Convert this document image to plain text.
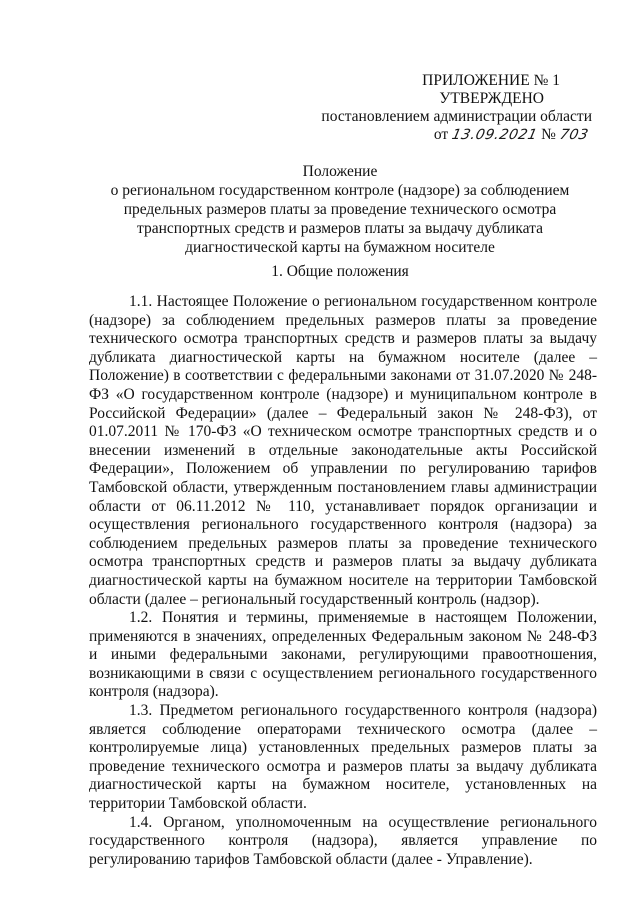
ПРИЛОЖЕНИЕ № 1
УТВЕРЖДЕНО
постановлением администрации области
от 13.09.2021 № 703
Положение
о региональном государственном контроле (надзоре) за соблюдением
предельных размеров платы за проведение технического осмотра
транспортных средств и размеров платы за выдачу дубликата
диагностической карты на бумажном носителе
1. Общие положения

1.1. Настоящее Положение о региональном государственном контроле (надзоре) за соблюдением предельных размеров платы за проведение технического осмотра транспортных средств и размеров платы за выдачу дубликата диагностической карты на бумажном носителе (далее – Положение) в соответствии с федеральными законами от 31.07.2020 № 248-ФЗ «О государственном контроле (надзоре) и муниципальном контроле в Российской Федерации» (далее – Федеральный закон № 248-ФЗ), от 01.07.2011 № 170-ФЗ «О техническом осмотре транспортных средств и о внесении изменений в отдельные законодательные акты Российской Федерации», Положением об управлении по регулированию тарифов Тамбовской области, утвержденным постановлением главы администрации области от 06.11.2012 № 110, устанавливает порядок организации и осуществления регионального государственного контроля (надзора) за соблюдением предельных размеров платы за проведение технического осмотра транспортных средств и размеров платы за выдачу дубликата диагностической карты на бумажном носителе на территории Тамбовской области (далее – региональный государственный контроль (надзор).

1.2. Понятия и термины, применяемые в настоящем Положении, применяются в значениях, определенных Федеральным законом № 248-ФЗ и иными федеральными законами, регулирующими правоотношения, возникающими в связи с осуществлением регионального государственного контроля (надзора).

1.3. Предметом регионального государственного контроля (надзора) является соблюдение операторами технического осмотра (далее – контролируемые лица) установленных предельных размеров платы за проведение технического осмотра и размеров платы за выдачу дубликата диагностической карты на бумажном носителе, установленных на территории Тамбовской области.

1.4. Органом, уполномоченным на осуществление регионального государственного контроля (надзора), является управление по регулированию тарифов Тамбовской области (далее - Управление).
